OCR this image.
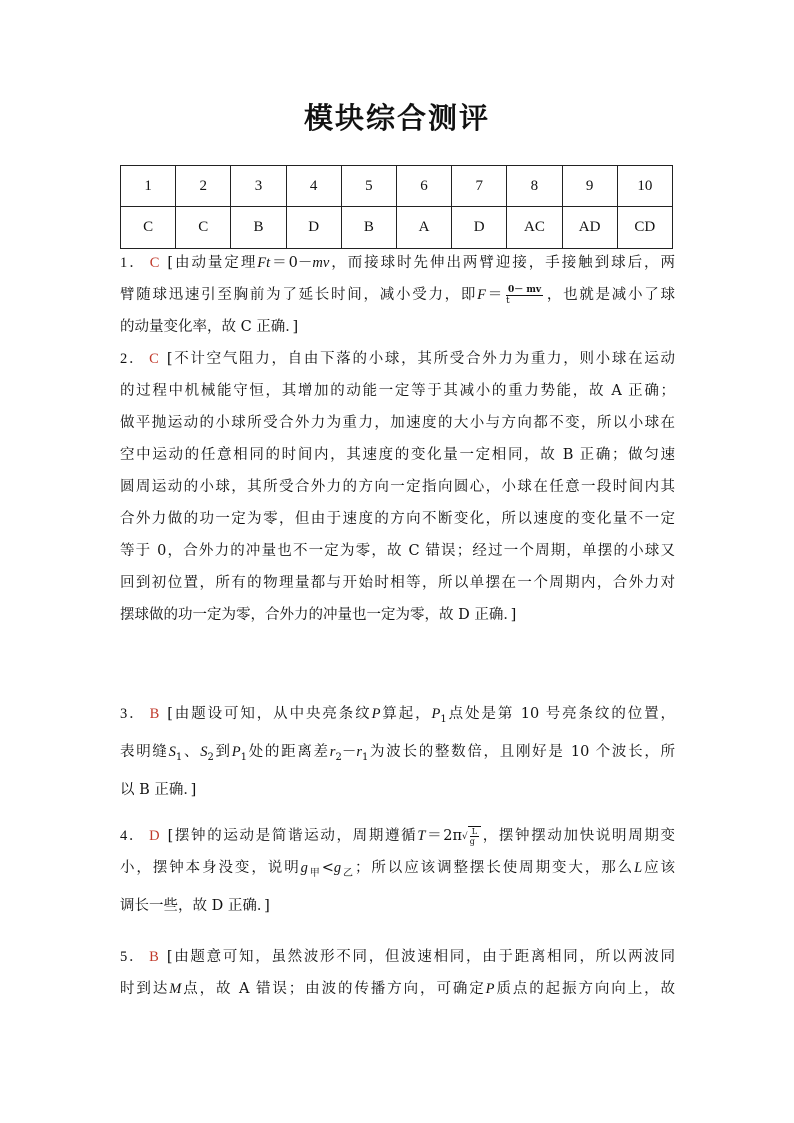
模块综合测评
1	2	3	4	5	6	7	8	9	10
C	C	B	D	B	A	D	AC	AD	CD
1． C [由动量定理Ft＝0－mv，而接球时先伸出两臂迎接，手接触到球后，两
臂随球迅速引至胸前为了延长时间，减小受力，即$F= \frac{0- mv}{t}$ ，也就是减小了球
的动量变化率，故 C 正确．]
2． C [不计空气阻力，自由下落的小球，其所受合外力为重力，则小球在运动
的过程中机械能守恒，其增加的动能一定等于其减小的重力势能，故 A 正确；
做平抛运动的小球所受合外力为重力，加速度的大小与方向都不变，所以小球在
空中运动的任意相同的时间内，其速度的变化量一定相同，故 B 正确；做匀速
圆周运动的小球，其所受合外力的方向一定指向圆心，小球在任意一段时间内其
合外力做的功一定为零，但由于速度的方向不断变化，所以速度的变化量不一定
等于 0，合外力的冲量也不一定为零，故 C 错误；经过一个周期，单摆的小球又
回到初位置，所有的物理量都与开始时相等，所以单摆在一个周期内，合外力对
摆球做的功一定为零，合外力的冲量也一定为零，故 D 正确．]
3． B [由题设可知，从中央亮条纹P算起，$P_1$点处是第 10 号亮条纹的位置，
表明缝$S_1$、$S_2$到$P_1$处的距离差$r_2-r_1$为波长的整数倍，且刚好是 10 个波长，所
以 B 正确．]
4． D [摆钟的运动是简谐运动，周期遵循$T=2\pi√ \frac{L}{g}$ ，摆钟摆动加快说明周期变
小，摆钟本身没变，说明$g_甲<g_乙$；所以应该调整摆长使周期变大，那么L应该
调长一些，故 D 正确．]
5． B [由题意可知，虽然波形不同，但波速相同，由于距离相同，所以两波同
时到达M点，故 A 错误；由波的传播方向，可确定P质点的起振方向向上，故
